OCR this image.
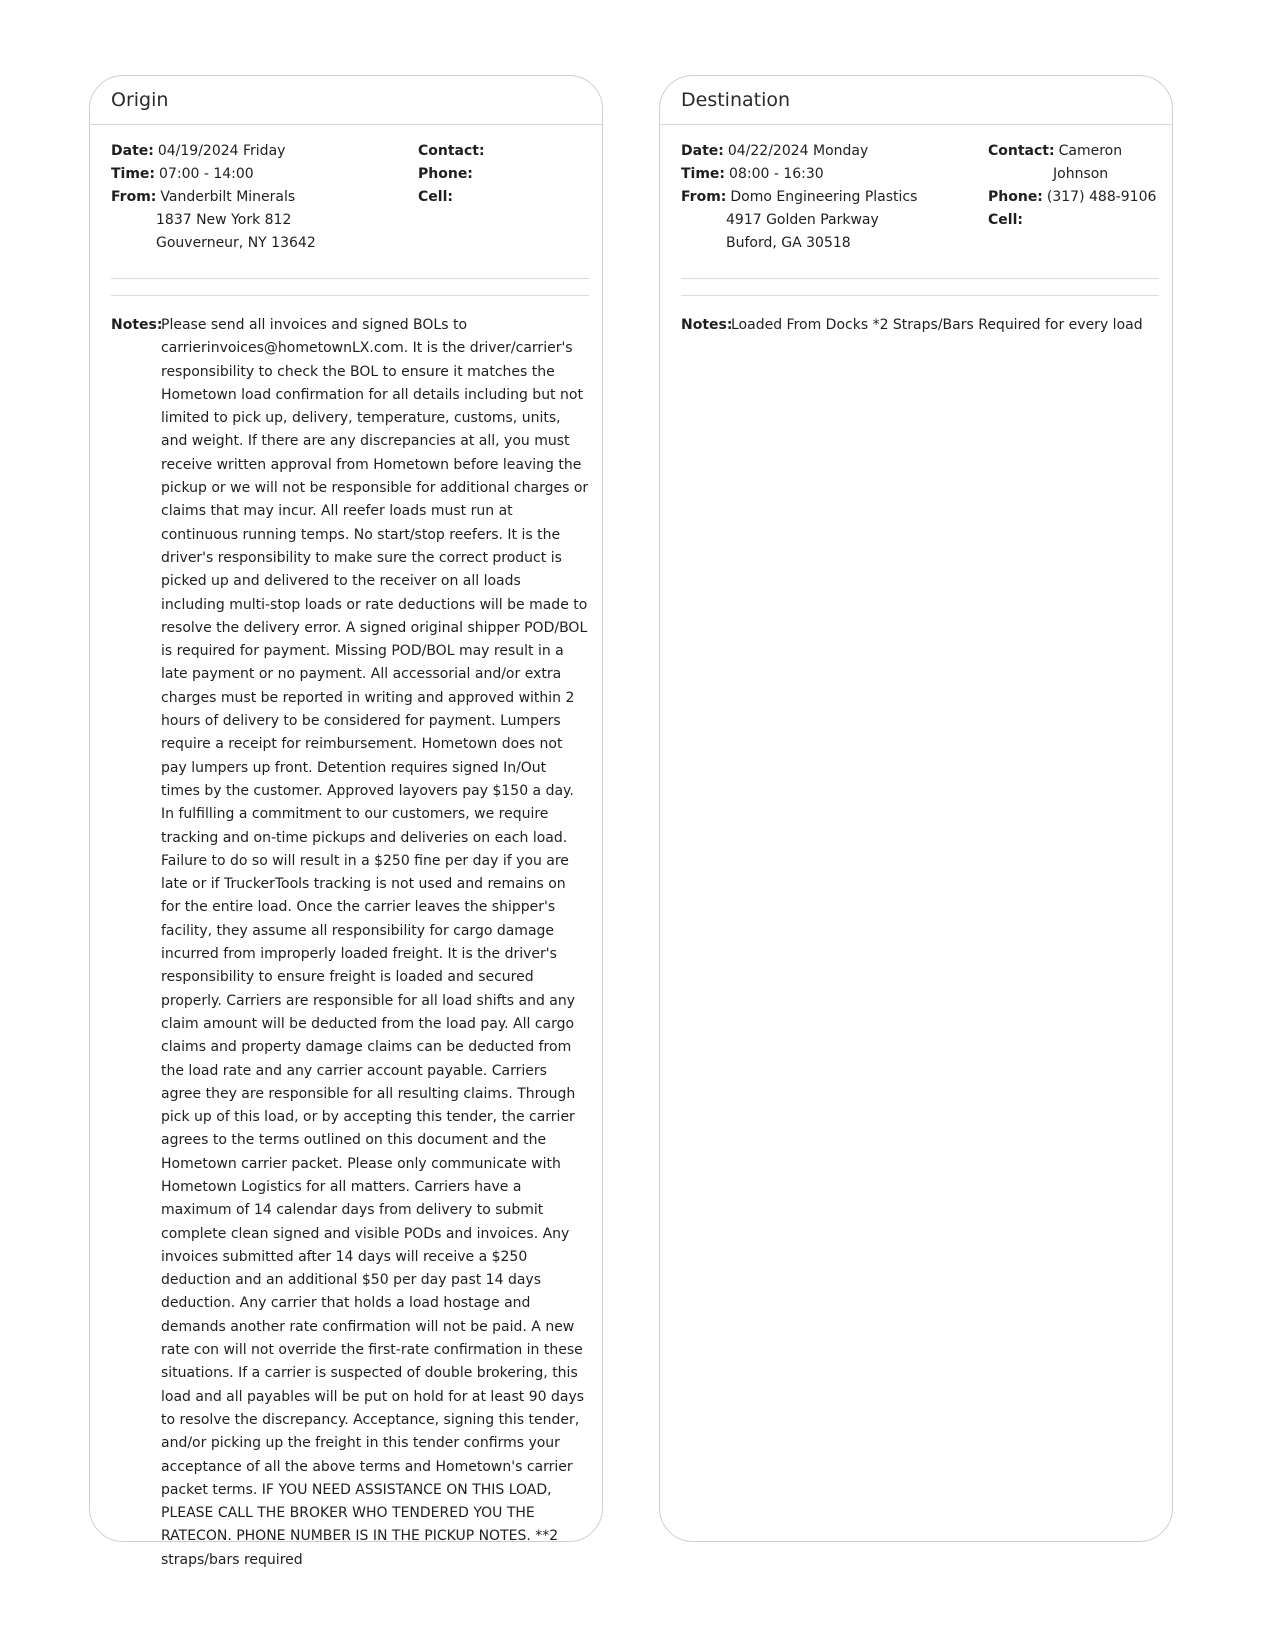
Origin
Date: 04/19/2024 Friday
Time: 07:00 - 14:00
From: Vanderbilt Minerals
1837 New York 812
Gouverneur, NY 13642
Contact:
Phone:
Cell:
Notes:
Please send all invoices and signed BOLs to carrierinvoices@hometownLX.com. It is the driver/carrier's responsibility to check the BOL to ensure it matches the Hometown load confirmation for all details including but not limited to pick up, delivery, temperature, customs, units, and weight. If there are any discrepancies at all, you must receive written approval from Hometown before leaving the pickup or we will not be responsible for additional charges or claims that may incur. All reefer loads must run at continuous running temps. No start/stop reefers. It is the driver's responsibility to make sure the correct product is picked up and delivered to the receiver on all loads including multi-stop loads or rate deductions will be made to resolve the delivery error. A signed original shipper POD/BOL is required for payment. Missing POD/BOL may result in a late payment or no payment. All accessorial and/or extra charges must be reported in writing and approved within 2 hours of delivery to be considered for payment. Lumpers require a receipt for reimbursement. Hometown does not pay lumpers up front. Detention requires signed In/Out times by the customer. Approved layovers pay $150 a day. In fulfilling a commitment to our customers, we require tracking and on-time pickups and deliveries on each load. Failure to do so will result in a $250 fine per day if you are late or if TruckerTools tracking is not used and remains on for the entire load. Once the carrier leaves the shipper's facility, they assume all responsibility for cargo damage incurred from improperly loaded freight. It is the driver's responsibility to ensure freight is loaded and secured properly. Carriers are responsible for all load shifts and any claim amount will be deducted from the load pay. All cargo claims and property damage claims can be deducted from the load rate and any carrier account payable. Carriers agree they are responsible for all resulting claims. Through pick up of this load, or by accepting this tender, the carrier agrees to the terms outlined on this document and the Hometown carrier packet. Please only communicate with Hometown Logistics for all matters. Carriers have a maximum of 14 calendar days from delivery to submit complete clean signed and visible PODs and invoices. Any invoices submitted after 14 days will receive a $250 deduction and an additional $50 per day past 14 days deduction. Any carrier that holds a load hostage and demands another rate confirmation will not be paid. A new rate con will not override the first-rate confirmation in these situations. If a carrier is suspected of double brokering, this load and all payables will be put on hold for at least 90 days to resolve the discrepancy. Acceptance, signing this tender, and/or picking up the freight in this tender confirms your acceptance of all the above terms and Hometown's carrier packet terms. IF YOU NEED ASSISTANCE ON THIS LOAD, PLEASE CALL THE BROKER WHO TENDERED YOU THE RATECON. PHONE NUMBER IS IN THE PICKUP NOTES. **2 straps/bars required
Destination
Date: 04/22/2024 Monday
Time: 08:00 - 16:30
From: Domo Engineering Plastics
4917 Golden Parkway
Buford, GA 30518
Contact: Cameron
Johnson
Phone: (317) 488-9106
Cell:
Notes:
Loaded From Docks *2 Straps/Bars Required for every load
